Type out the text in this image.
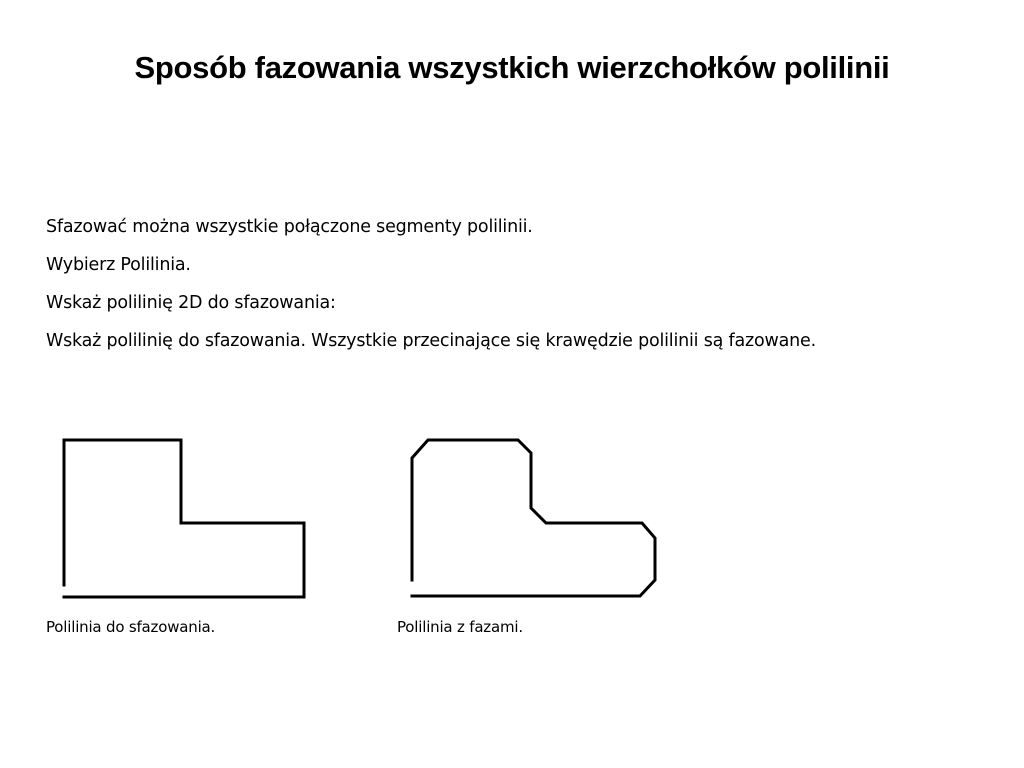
Sposób fazowania wszystkich wierzchołków polilinii
Sfazować można wszystkie połączone segmenty polilinii.
Wybierz Polilinia.
Wskaż polilinię 2D do sfazowania:
Wskaż polilinię do sfazowania. Wszystkie przecinające się krawędzie polilinii są fazowane.
Polilinia do sfazowania.	Polilinia z fazami.
